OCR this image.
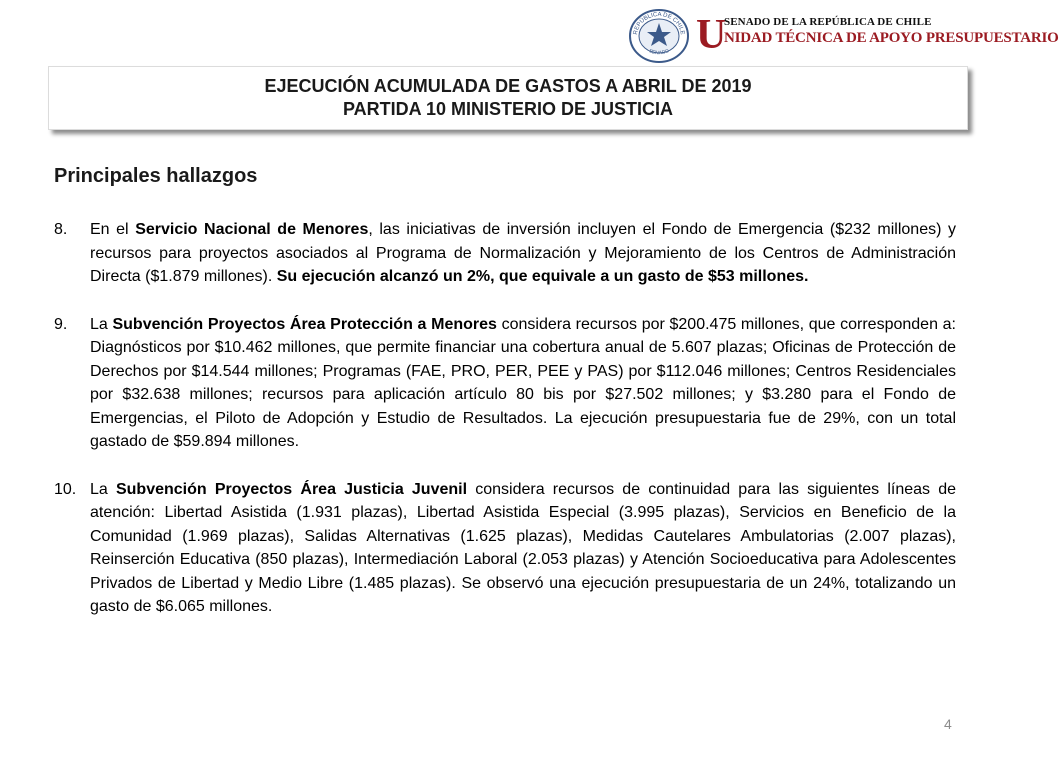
REPÚBLICA DE CHILE
SENADO U
SENADO DE LA REPÚBLICA DE CHILE
NIDAD TÉCNICA DE APOYO PRESUPUESTARIO
EJECUCIÓN ACUMULADA DE GASTOS A ABRIL DE 2019
PARTIDA 10 MINISTERIO DE JUSTICIA
Principales hallazgos
8. En el Servicio Nacional de Menores, las iniciativas de inversión incluyen el Fondo de Emergencia ($232 millones) y recursos para proyectos asociados al Programa de Normalización y Mejoramiento de los Centros de Administración Directa ($1.879 millones). Su ejecución alcanzó un 2%, que equivale a un gasto de $53 millones.

9. La Subvención Proyectos Área Protección a Menores considera recursos por $200.475 millones, que corresponden a: Diagnósticos por $10.462 millones, que permite financiar una cobertura anual de 5.607 plazas; Oficinas de Protección de Derechos por $14.544 millones; Programas (FAE, PRO, PER, PEE y PAS) por $112.046 millones; Centros Residenciales por $32.638 millones; recursos para aplicación artículo 80 bis por $27.502 millones; y $3.280 para el Fondo de Emergencias, el Piloto de Adopción y Estudio de Resultados. La ejecución presupuestaria fue de 29%, con un total gastado de $59.894 millones.

10. La Subvención Proyectos Área Justicia Juvenil considera recursos de continuidad para las siguientes líneas de atención: Libertad Asistida (1.931 plazas), Libertad Asistida Especial (3.995 plazas), Servicios en Beneficio de la Comunidad (1.969 plazas), Salidas Alternativas (1.625 plazas), Medidas Cautelares Ambulatorias (2.007 plazas), Reinserción Educativa (850 plazas), Intermediación Laboral (2.053 plazas) y Atención Socioeducativa para Adolescentes Privados de Libertad y Medio Libre (1.485 plazas). Se observó una ejecución presupuestaria de un 24%, totalizando un gasto de $6.065 millones.

4
